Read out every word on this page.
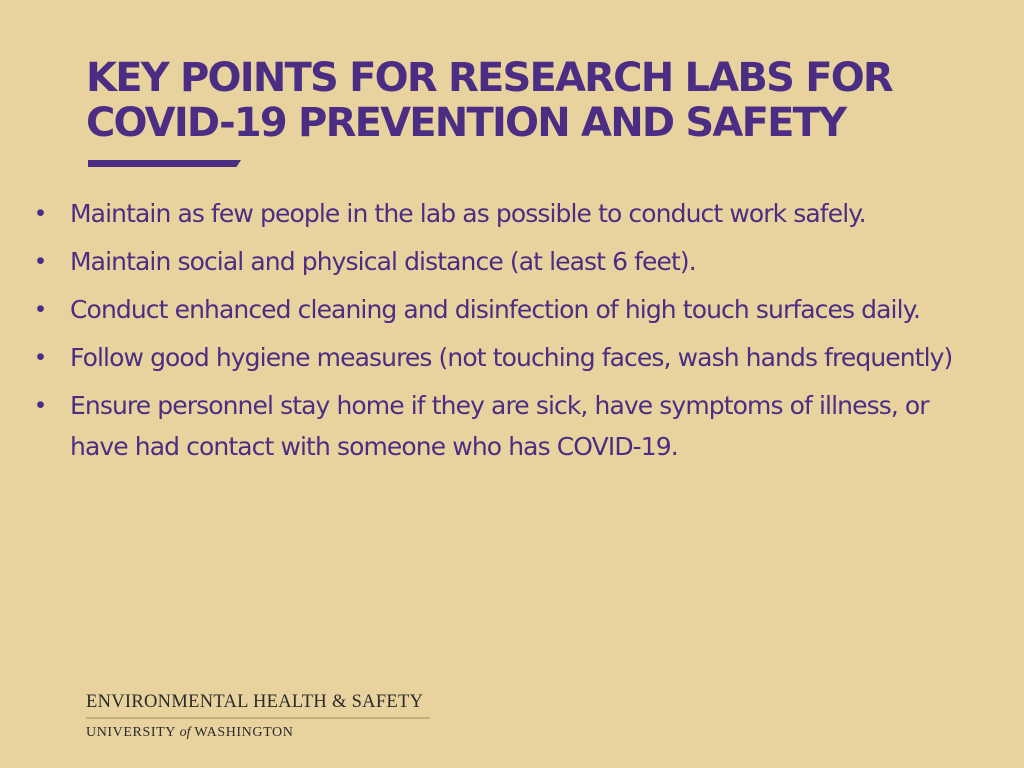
KEY POINTS FOR RESEARCH LABS FOR
COVID-19 PREVENTION AND SAFETY
• Maintain as few people in the lab as possible to conduct work safely.
• Maintain social and physical distance (at least 6 feet).
• Conduct enhanced cleaning and disinfection of high touch surfaces daily.
• Follow good hygiene measures (not touching faces, wash hands frequently)
• Ensure personnel stay home if they are sick, have symptoms of illness, or have had contact with someone who has COVID-19.
ENVIRONMENTAL HEALTH & SAFETY
UNIVERSITY of WASHINGTON
